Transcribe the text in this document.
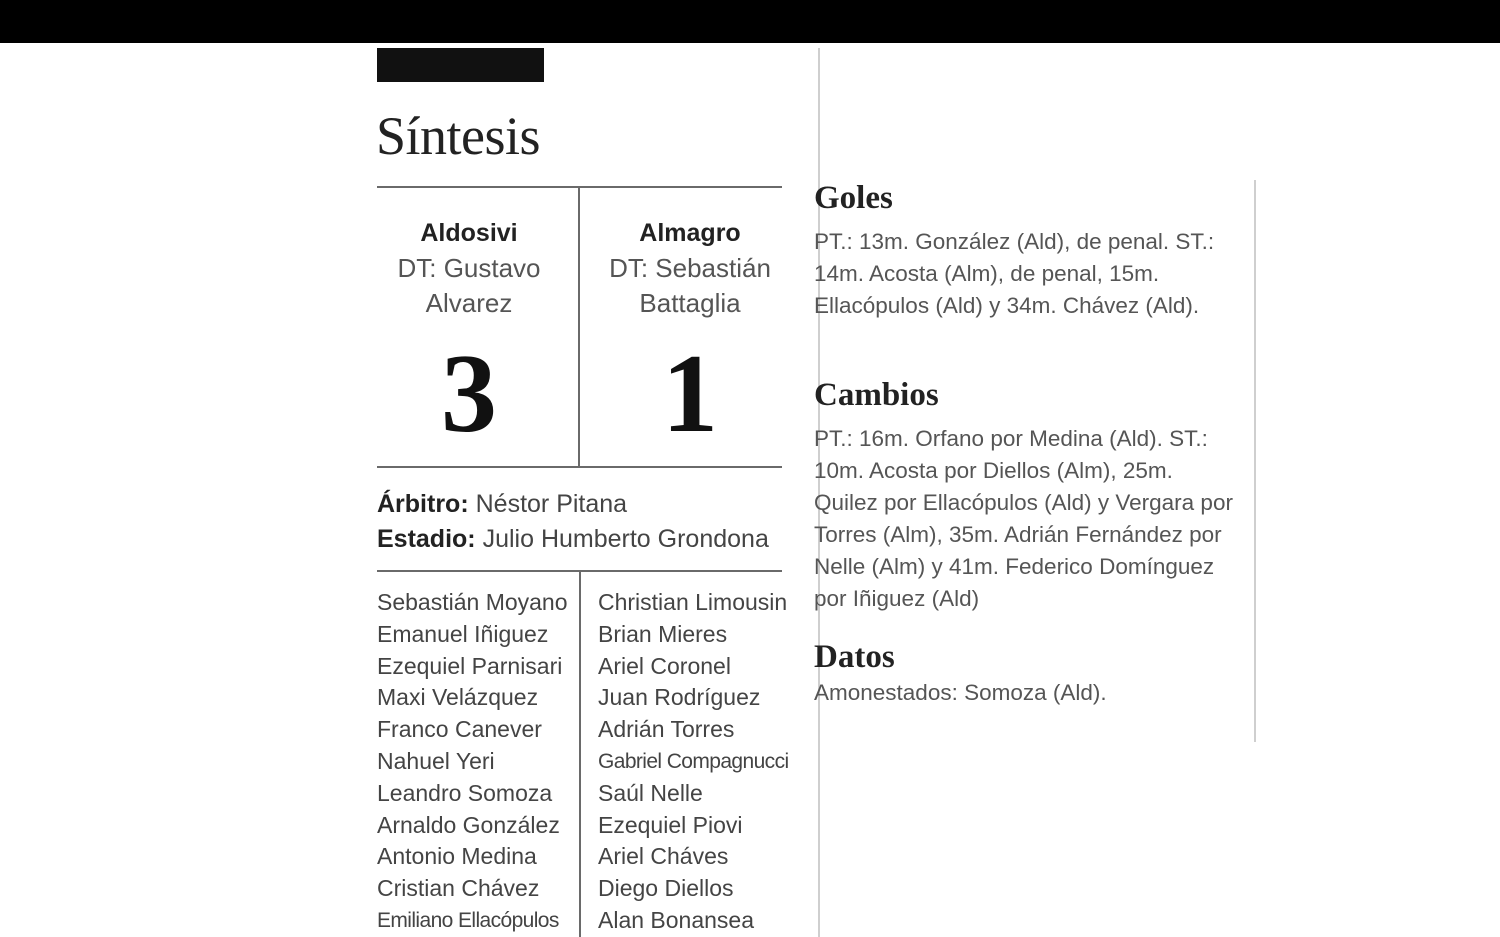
Síntesis
Aldosivi
DT: Gustavo
Alvarez
3
Almagro
DT: Sebastián
Battaglia
1
Árbitro: Néstor Pitana
Estadio: Julio Humberto Grondona
Sebastián Moyano
Emanuel Iñiguez
Ezequiel Parnisari
Maxi Velázquez
Franco Canever
Nahuel Yeri
Leandro Somoza
Arnaldo González
Antonio Medina
Cristian Chávez
Emiliano Ellacópulos
Christian Limousin
Brian Mieres
Ariel Coronel
Juan Rodríguez
Adrián Torres
Gabriel Compagnucci
Saúl Nelle
Ezequiel Piovi
Ariel Cháves
Diego Diellos
Alan Bonansea
Goles

PT.: 13m. González (Ald), de penal. ST.: 14m. Acosta (Alm), de penal, 15m. Ellacópulos (Ald) y 34m. Chávez (Ald).

Cambios

PT.: 16m. Orfano por Medina (Ald). ST.: 10m. Acosta por Diellos (Alm), 25m. Quilez por Ellacópulos (Ald) y Vergara por Torres (Alm), 35m. Adrián Fernández por Nelle (Alm) y 41m. Federico Domínguez por Iñiguez (Ald)

Datos

Amonestados: Somoza (Ald).
